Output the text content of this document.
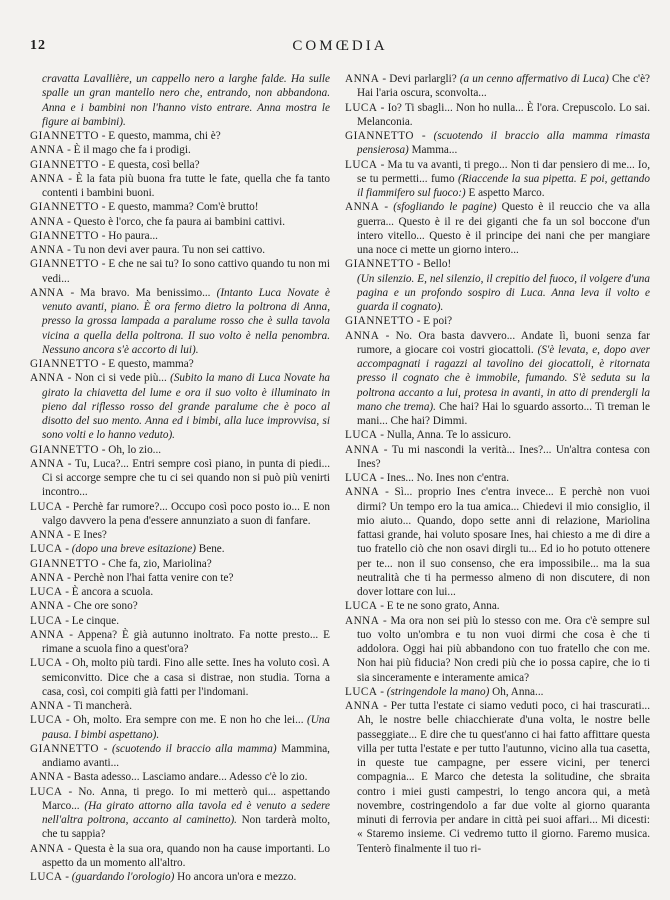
12	COMŒDIA

cravatta Lavallière, un cappello nero a larghe falde. Ha sulle spalle un gran mantello nero che, entrando, non abbandona. Anna e i bambini non l'hanno visto entrare. Anna mostra le figure ai bambini).

GIANNETTO - E questo, mamma, chi è?

ANNA - È il mago che fa i prodigi.

GIANNETTO - E questa, così bella?

ANNA - È la fata più buona fra tutte le fate, quella che fa tanto contenti i bambini buoni.

GIANNETTO - E questo, mamma? Com'è brutto!

ANNA - Questo è l'orco, che fa paura ai bambini cattivi.

GIANNETTO - Ho paura...

ANNA - Tu non devi aver paura. Tu non sei cattivo.

GIANNETTO - E che ne sai tu? Io sono cattivo quando tu non mi vedi...

ANNA - Ma bravo. Ma benissimo... (Intanto Luca Novate è venuto avanti, piano. È ora fermo dietro la poltrona di Anna, presso la grossa lampada a paralume rosso che è sulla tavola vicina a quella della poltrona. Il suo volto è nella penombra. Nessuno ancora s'è accorto di lui).

GIANNETTO - E questo, mamma?

ANNA - Non ci si vede più... (Subito la mano di Luca Novate ha girato la chiavetta del lume e ora il suo volto è illuminato in pieno dal riflesso rosso del grande paralume che è poco al disotto del suo mento. Anna ed i bimbi, alla luce improvvisa, si sono volti e lo hanno veduto).

GIANNETTO - Oh, lo zio...

ANNA - Tu, Luca?... Entri sempre così piano, in punta di piedi... Ci si accorge sempre che tu ci sei quando non si può più venirti incontro...

LUCA - Perchè far rumore?... Occupo così poco posto io... E non valgo davvero la pena d'essere annunziato a suon di fanfare.

ANNA - E Ines?

LUCA - (dopo una breve esitazione) Bene.

GIANNETTO - Che fa, zio, Mariolina?

ANNA - Perchè non l'hai fatta venire con te?

LUCA - È ancora a scuola.

ANNA - Che ore sono?

LUCA - Le cinque.

ANNA - Appena? È già autunno inoltrato. Fa notte presto... E rimane a scuola fino a quest'ora?

LUCA - Oh, molto più tardi. Fino alle sette. Ines ha voluto così. A semiconvitto. Dice che a casa si distrae, non studia. Torna a casa, così, coi compiti già fatti per l'indomani.

ANNA - Ti mancherà.

LUCA - Oh, molto. Era sempre con me. E non ho che lei... (Una pausa. I bimbi aspettano).

GIANNETTO - (scuotendo il braccio alla mamma) Mammina, andiamo avanti...

ANNA - Basta adesso... Lasciamo andare... Adesso c'è lo zio.

LUCA - No. Anna, ti prego. Io mi metterò qui... aspettando Marco... (Ha girato attorno alla tavola ed è venuto a sedere nell'altra poltrona, accanto al caminetto). Non tarderà molto, che tu sappia?

ANNA - Questa è la sua ora, quando non ha cause importanti. Lo aspetto da un momento all'altro.

LUCA - (guardando l'orologio) Ho ancora un'ora e mezzo.

ANNA - Devi parlargli? (a un cenno affermativo di Luca) Che c'è? Hai l'aria oscura, sconvolta...

LUCA - Io? Ti sbagli... Non ho nulla... È l'ora. Crepuscolo. Lo sai. Melanconia.

GIANNETTO - (scuotendo il braccio alla mamma rimasta pensierosa) Mamma...

LUCA - Ma tu va avanti, ti prego... Non ti dar pensiero di me... Io, se tu permetti... fumo (Riaccende la sua pipetta. E poi, gettando il fiammifero sul fuoco:) E aspetto Marco.

ANNA - (sfogliando le pagine) Questo è il reuccio che va alla guerra... Questo è il re dei giganti che fa un sol boccone d'un intero vitello... Questo è il principe dei nani che per mangiare una noce ci mette un giorno intero...

GIANNETTO - Bello!

(Un silenzio. E, nel silenzio, il crepitio del fuoco, il volgere d'una pagina e un profondo sospiro di Luca. Anna leva il volto e guarda il cognato).

GIANNETTO - E poi?

ANNA - No. Ora basta davvero... Andate lì, buoni senza far rumore, a giocare coi vostri giocattoli. (S'è levata, e, dopo aver accompagnati i ragazzi al tavolino dei giocattoli, è ritornata presso il cognato che è immobile, fumando. S'è seduta su la poltrona accanto a lui, protesa in avanti, in atto di prendergli la mano che trema). Che hai? Hai lo sguardo assorto... Ti treman le mani... Che hai? Dimmi.

LUCA - Nulla, Anna. Te lo assicuro.

ANNA - Tu mi nascondi la verità... Ines?... Un'altra contesa con Ines?

LUCA - Ines... No. Ines non c'entra.

ANNA - Sì... proprio Ines c'entra invece... E perchè non vuoi dirmi? Un tempo ero la tua amica... Chiedevi il mio consiglio, il mio aiuto... Quando, dopo sette anni di relazione, Mariolina fattasi grande, hai voluto sposare Ines, hai chiesto a me di dire a tuo fratello ciò che non osavi dirgli tu... Ed io ho potuto ottenere per te... non il suo consenso, che era impossibile... ma la sua neutralità che ti ha permesso almeno di non discutere, di non dover lottare con lui...

LUCA - E te ne sono grato, Anna.

ANNA - Ma ora non sei più lo stesso con me. Ora c'è sempre sul tuo volto un'ombra e tu non vuoi dirmi che cosa è che ti addolora. Oggi hai più abbandono con tuo fratello che con me. Non hai più fiducia? Non credi più che io possa capire, che io ti sia sinceramente e interamente amica?

LUCA - (stringendole la mano) Oh, Anna...

ANNA - Per tutta l'estate ci siamo veduti poco, ci hai trascurati... Ah, le nostre belle chiacchierate d'una volta, le nostre belle passeggiate... E dire che tu quest'anno ci hai fatto affittare questa villa per tutta l'estate e per tutto l'autunno, vicino alla tua casetta, in queste tue campagne, per essere vicini, per tenerci compagnia... E Marco che detesta la solitudine, che sbraita contro i miei gusti campestri, lo tengo ancora qui, a metà novembre, costringendolo a far due volte al giorno quaranta minuti di ferrovia per andare in città pei suoi affari... Mi dicesti: « Staremo insieme. Ci vedremo tutto il giorno. Faremo musica. Tenterò finalmente il tuo ri-
